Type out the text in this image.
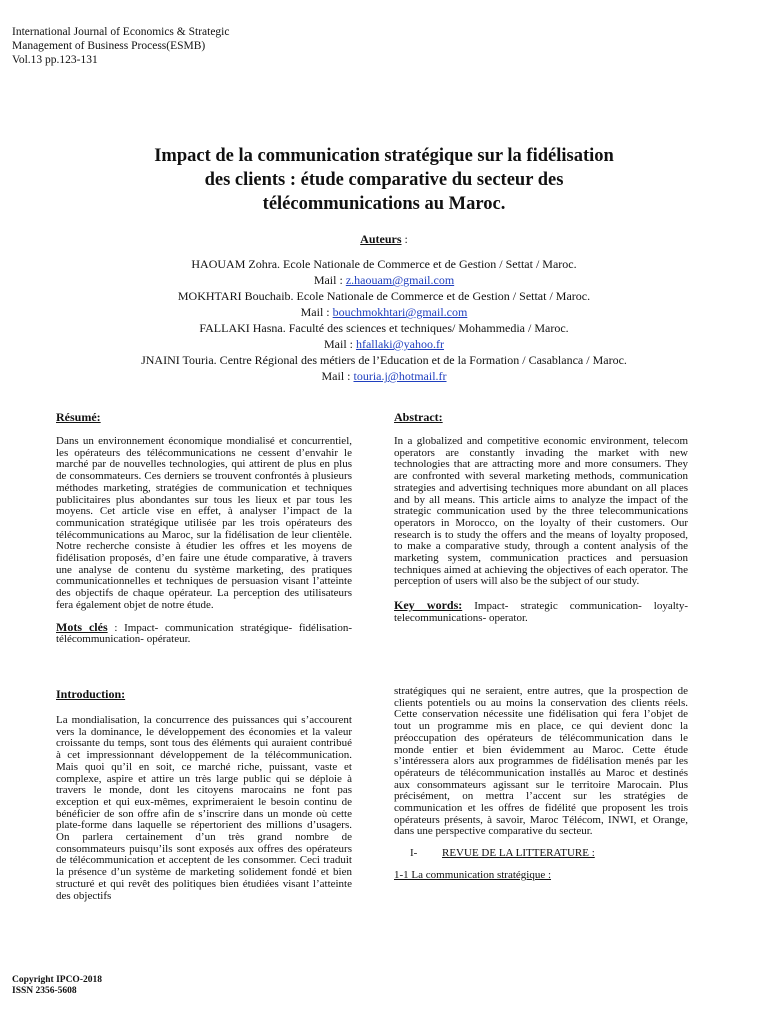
International Journal of Economics & Strategic
Management of Business Process(ESMB)
Vol.13 pp.123-131
Impact de la communication stratégique sur la fidélisation
des clients : étude comparative du secteur des
télécommunications au Maroc.
Auteurs :
HAOUAM Zohra. Ecole Nationale de Commerce et de Gestion / Settat / Maroc.
Mail : z.haouam@gmail.com
MOKHTARI Bouchaib. Ecole Nationale de Commerce et de Gestion / Settat / Maroc.
Mail : bouchmokhtari@gmail.com
FALLAKI Hasna. Faculté des sciences et techniques/ Mohammedia / Maroc.
Mail : hfallaki@yahoo.fr
JNAINI Touria. Centre Régional des métiers de l’Education et de la Formation / Casablanca / Maroc.
Mail : touria.j@hotmail.fr
Résumé:
Dans un environnement économique mondialisé et concurrentiel, les opérateurs des télécommunications ne cessent d’envahir le marché par de nouvelles technologies, qui attirent de plus en plus de consommateurs. Ces derniers se trouvent confrontés à plusieurs méthodes marketing, stratégies de communication et techniques publicitaires plus abondantes sur tous les lieux et par tous les moyens. Cet article vise en effet, à analyser l’impact de la communication stratégique utilisée par les trois opérateurs des télécommunications au Maroc, sur la fidélisation de leur clientèle. Notre recherche consiste à étudier les offres et les moyens de fidélisation proposés, d’en faire une étude comparative, à travers une analyse de contenu du système marketing, des pratiques communicationnelles et techniques de persuasion visant l’atteinte des objectifs de chaque opérateur. La perception des utilisateurs fera également objet de notre étude.
Mots clés : Impact- communication stratégique- fidélisation- télécommunication- opérateur.
Abstract:
In a globalized and competitive economic environment, telecom operators are constantly invading the market with new technologies that are attracting more and more consumers. They are confronted with several marketing methods, communication strategies and advertising techniques more abundant on all places and by all means. This article aims to analyze the impact of the strategic communication used by the three telecommunications operators in Morocco, on the loyalty of their customers. Our research is to study the offers and the means of loyalty proposed, to make a comparative study, through a content analysis of the marketing system, communication practices and persuasion techniques aimed at achieving the objectives of each operator. The perception of users will also be the subject of our study.
Key words: Impact- strategic communication- loyalty- telecommunications- operator.
Introduction:
La mondialisation, la concurrence des puissances qui s’accourent vers la dominance, le développement des économies et la valeur croissante du temps, sont tous des éléments qui auraient contribué à cet impressionnant développement de la télécommunication. Mais quoi qu’il en soit, ce marché riche, puissant, vaste et complexe, aspire et attire un très large public qui se déploie à travers le monde, dont les citoyens marocains ne font pas exception et qui eux-mêmes, exprimeraient le besoin continu de bénéficier de son offre afin de s’inscrire dans un monde où cette plate-forme dans laquelle se répertorient des millions d’usagers. On parlera certainement d’un très grand nombre de consommateurs puisqu’ils sont exposés aux offres des opérateurs de télécommunication et acceptent de les consommer. Ceci traduit la présence d’un système de marketing solidement fondé et bien structuré et qui revêt des politiques bien étudiées visant l’atteinte des objectifs
stratégiques qui ne seraient, entre autres, que la prospection de clients potentiels ou au moins la conservation des clients réels. Cette conservation nécessite une fidélisation qui fera l’objet de tout un programme mis en place, ce qui devient donc la préoccupation des opérateurs de télécommunication dans le monde entier et bien évidemment au Maroc. Cette étude s’intéressera alors aux programmes de fidélisation menés par les opérateurs de télécommunication installés au Maroc et destinés aux consommateurs agissant sur le territoire Marocain. Plus précisément, on mettra l’accent sur les stratégies de communication et les offres de fidélité que proposent les trois opérateurs présents, à savoir, Maroc Télécom, INWI, et Orange, dans une perspective comparative du secteur.
I- REVUE DE LA LITTERATURE :
1-1 La communication stratégique :
Copyright IPCO-2018
ISSN 2356-5608
